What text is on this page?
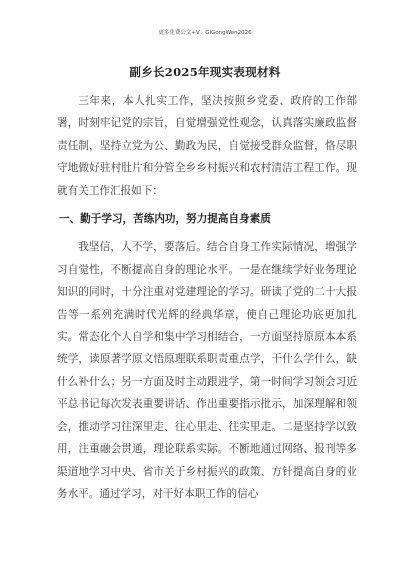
更多免费公文+V：GiGongWen2026
副乡长2025年现实表现材料

三年来，本人扎实工作，坚决按照乡党委、政府的工作部署，时刻牢记党的宗旨，自觉增强党性观念，认真落实廉政监督责任制，坚持立党为公、勤政为民，自觉接受群众监督，恪尽职守地做好驻村肚片和分管全乡乡村振兴和农村清洁工程工作。现就有关工作汇报如下：

一、勤于学习，苦练内功，努力提高自身素质

我坚信，人不学，要落后。结合自身工作实际情况，增强学习自觉性，不断提高自身的理论水平。一是在继续学好业务理论知识的同时，十分注重对党建理论的学习。研读了党的二十大报告等一系列充满时代光辉的经典华章，使自己理论功底更加扎实。常态化个人自学和集中学习相结合，一方面坚持原原本本系统学，读原著学原文悟原理联系职责重点学，干什么学什么，缺什么补什么；另一方面及时主动跟进学，第一时间学习领会习近平总书记每次发表重要讲话、作出重要指示批示，加深理解和领会，推动学习往深里走、往心里走、往实里走。二是坚持学以致用，注重融会贯通，理论联系实际。不断地通过网络、报刊等多渠道地学习中央、省市关于乡村振兴的政策、方针提高自身的业务水平。通过学习，对干好本职工作的信心
